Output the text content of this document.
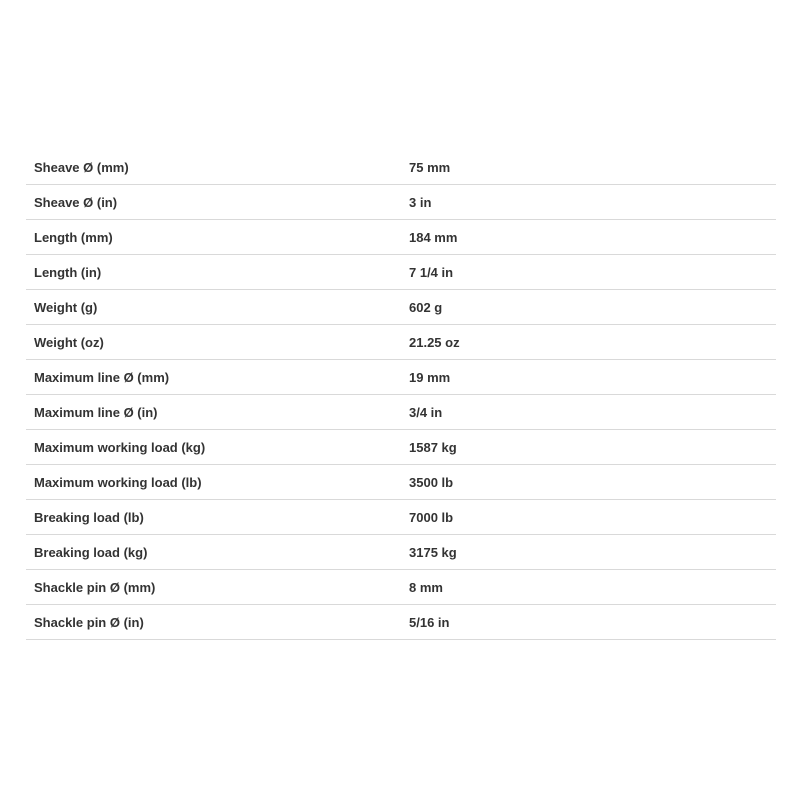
Sheave Ø (mm)	75 mm
Sheave Ø (in)	3 in
Length (mm)	184 mm
Length (in)	7 1/4 in
Weight (g)	602 g
Weight (oz)	21.25 oz
Maximum line Ø (mm)	19 mm
Maximum line Ø (in)	3/4 in
Maximum working load (kg)	1587 kg
Maximum working load (lb)	3500 lb
Breaking load (lb)	7000 lb
Breaking load (kg)	3175 kg
Shackle pin Ø (mm)	8 mm
Shackle pin Ø (in)	5/16 in
